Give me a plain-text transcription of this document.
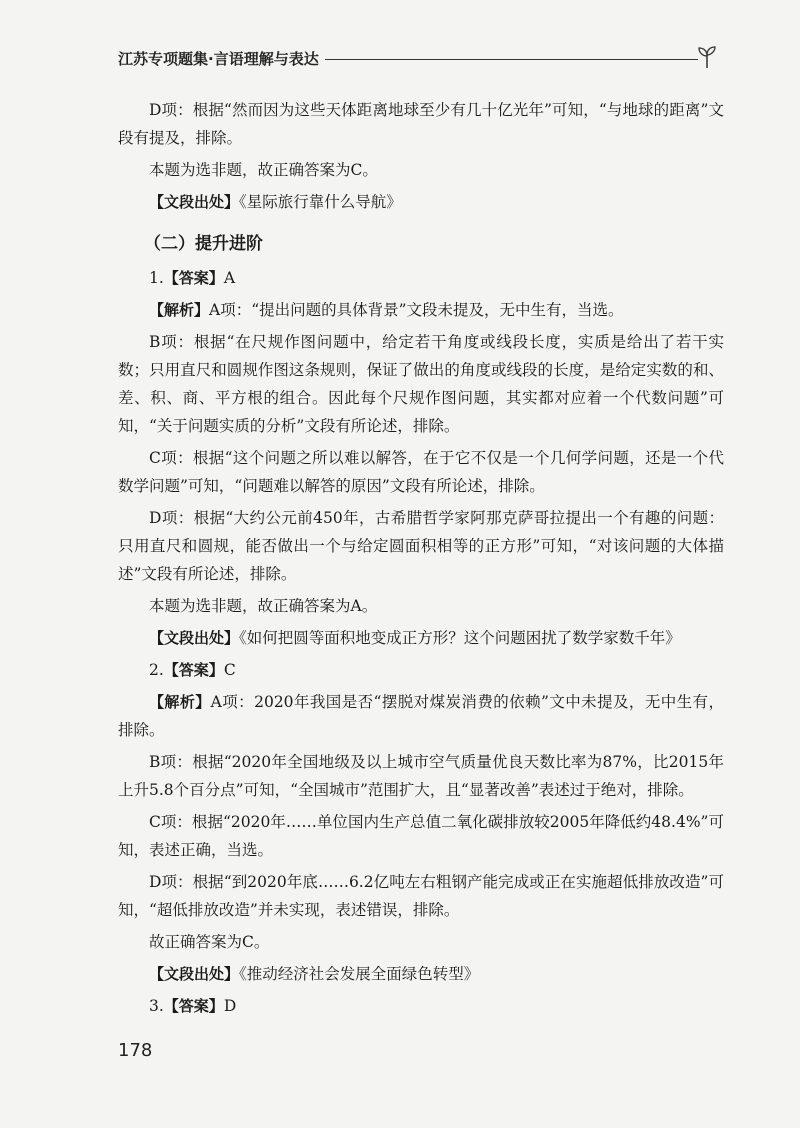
江苏专项题集·言语理解与表达

D项：根据“然而因为这些天体距离地球至少有几十亿光年”可知，“与地球的距离”文段有提及，排除。

本题为选非题，故正确答案为C。

【文段出处】《星际旅行靠什么导航》

（二）提升进阶

1.【答案】A

【解析】A项：“提出问题的具体背景”文段未提及，无中生有，当选。

B项：根据“在尺规作图问题中，给定若干角度或线段长度，实质是给出了若干实数；只用直尺和圆规作图这条规则，保证了做出的角度或线段的长度，是给定实数的和、差、积、商、平方根的组合。因此每个尺规作图问题，其实都对应着一个代数问题”可知，“关于问题实质的分析”文段有所论述，排除。

C项：根据“这个问题之所以难以解答，在于它不仅是一个几何学问题，还是一个代数学问题”可知，“问题难以解答的原因”文段有所论述，排除。

D项：根据“大约公元前450年，古希腊哲学家阿那克萨哥拉提出一个有趣的问题：只用直尺和圆规，能否做出一个与给定圆面积相等的正方形”可知，“对该问题的大体描述”文段有所论述，排除。

本题为选非题，故正确答案为A。

【文段出处】《如何把圆等面积地变成正方形？这个问题困扰了数学家数千年》

2.【答案】C

【解析】A项：2020年我国是否“摆脱对煤炭消费的依赖”文中未提及，无中生有，排除。

B项：根据“2020年全国地级及以上城市空气质量优良天数比率为87%，比2015年上升5.8个百分点”可知，“全国城市”范围扩大，且“显著改善”表述过于绝对，排除。

C项：根据“2020年……单位国内生产总值二氧化碳排放较2005年降低约48.4%”可知，表述正确，当选。

D项：根据“到2020年底……6.2亿吨左右粗钢产能完成或正在实施超低排放改造”可知，“超低排放改造”并未实现，表述错误，排除。

故正确答案为C。

【文段出处】《推动经济社会发展全面绿色转型》

3.【答案】D

178
